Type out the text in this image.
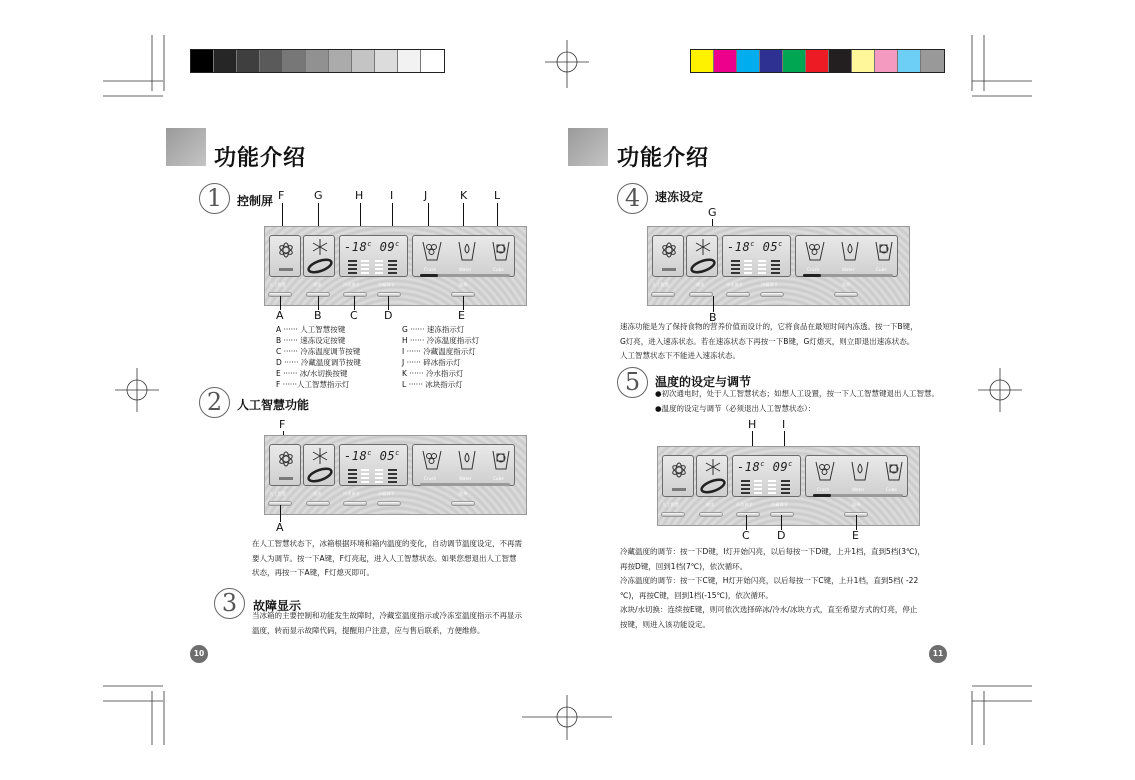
功能介绍
1	控制屏 F	G	H I	J	K L
-18$^c$ 09$^c$
Crush	Water	Cube
人工智慧	速冻	冷冻调节	冷藏调节	选择
A	B	C D	E
A ······ 人工智慧按键
B ······ 速冻设定按键
C ······ 冷冻温度调节按键
D ······ 冷藏温度调节按键
E ······ 冰/水切换按键
F ······人工智慧指示灯
G ······ 速冻指示灯
H ······ 冷冻温度指示灯
I ······ 冷藏温度指示灯
J ······ 碎冰指示灯
K ······ 冷水指示灯
L ······ 冰块指示灯
2	人工智慧功能
F
-18$^c$ 05$^c$
Crush	Water	Cube
人工智慧	速冻	冷冻调节	冷藏调节	选择
A
在人工智慧状态下，冰箱根据环境和箱内温度的变化，自动调节温度设定，不再需
要人为调节。按一下A键，F灯亮起，进入人工智慧状态。如果您想退出人工智慧
状态，再按一下A键，F灯熄灭即可。
3	故障显示
当冰箱的主要控制和功能发生故障时，冷藏室温度指示或冷冻室温度指示不再显示
温度，转而显示故障代码，提醒用户注意，应与售后联系，方便维修。
10
功能介绍
4	速冻设定
G
-18$^c$ 05$^c$
Crush	Water	Cube
人工智慧	速冻	冷冻调节	冷藏调节	选择
B
速冻功能是为了保持食物的营养价值而设计的，它将食品在最短时间内冻透。按一下B键，
G灯亮，进入速冻状态。若在速冻状态下再按一下B键，G灯熄灭，则立即退出速冻状态。
人工智慧状态下不能进入速冻状态。
5	温度的设定与调节
●初次通电时，处于人工智慧状态；如想人工设置，按一下人工智慧键退出人工智慧。
●温度的设定与调节（必须退出人工智慧状态）：
H I
-18$^c$ 09$^c$
Crush	Water	Cube
人工智慧	速冻	冷冻调节	冷藏调节	选择
C D	E
冷藏温度的调节：按一下D键，I灯开始闪亮，以后每按一下D键，上升1档，直到5档(3℃)，
再按D键，回到1档(7℃)，依次循环。
冷冻温度的调节：按一下C键，H灯开始闪亮，以后每按一下C键，上升1档，直到5档( -22
℃)，再按C键，回到1档(-15℃)，依次循环。
冰块/水切换：连续按E键，则可依次选择碎冰/冷水/冰块方式，直至希望方式的灯亮，停止
按键，则进入该功能设定。
11
